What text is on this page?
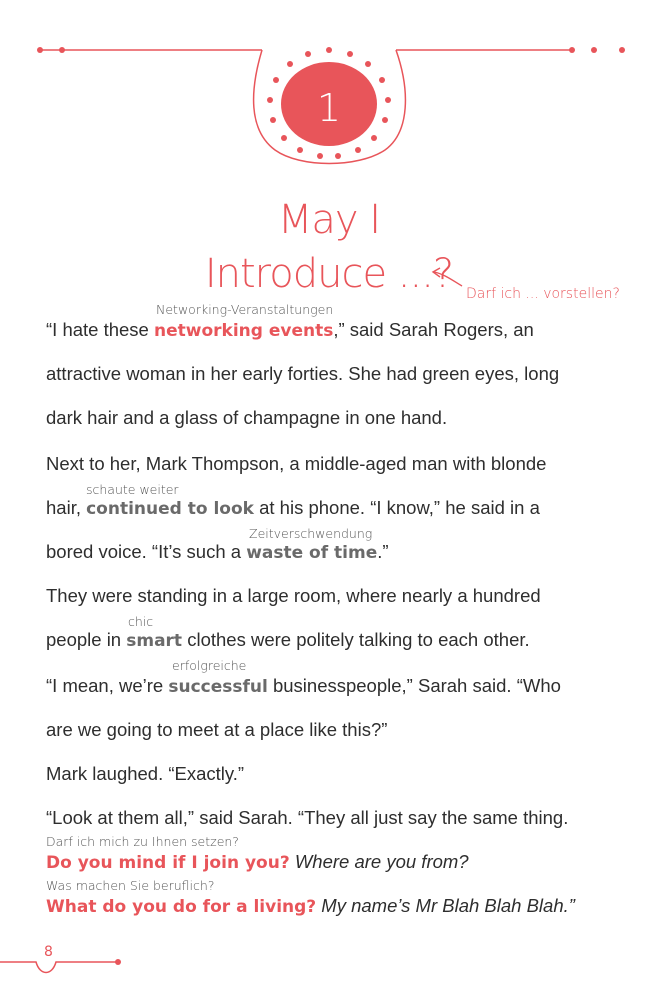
1
May I
Introduce ...? Darf ich ... vorstellen?
Networking-Veranstaltungen
schaute weiter
Zeitverschwendung
chic
erfolgreiche
Darf ich mich zu Ihnen setzen?
Was machen Sie beruflich?
“I hate these networking events,” said Sarah Rogers, an
attractive woman in her early forties. She had green eyes, long
dark hair and a glass of champagne in one hand.
Next to her, Mark Thompson, a middle-aged man with blonde
hair, continued to look at his phone. “I know,” he said in a
bored voice. “It’s such a waste of time.”
They were standing in a large room, where nearly a hundred
people in smart clothes were politely talking to each other.
“I mean, we’re successful businesspeople,” Sarah said. “Who
are we going to meet at a place like this?”
Mark laughed. “Exactly.”
“Look at them all,” said Sarah. “They all just say the same thing.
Do you mind if I join you? Where are you from?
What do you do for a living? My name’s Mr Blah Blah Blah.”
8
